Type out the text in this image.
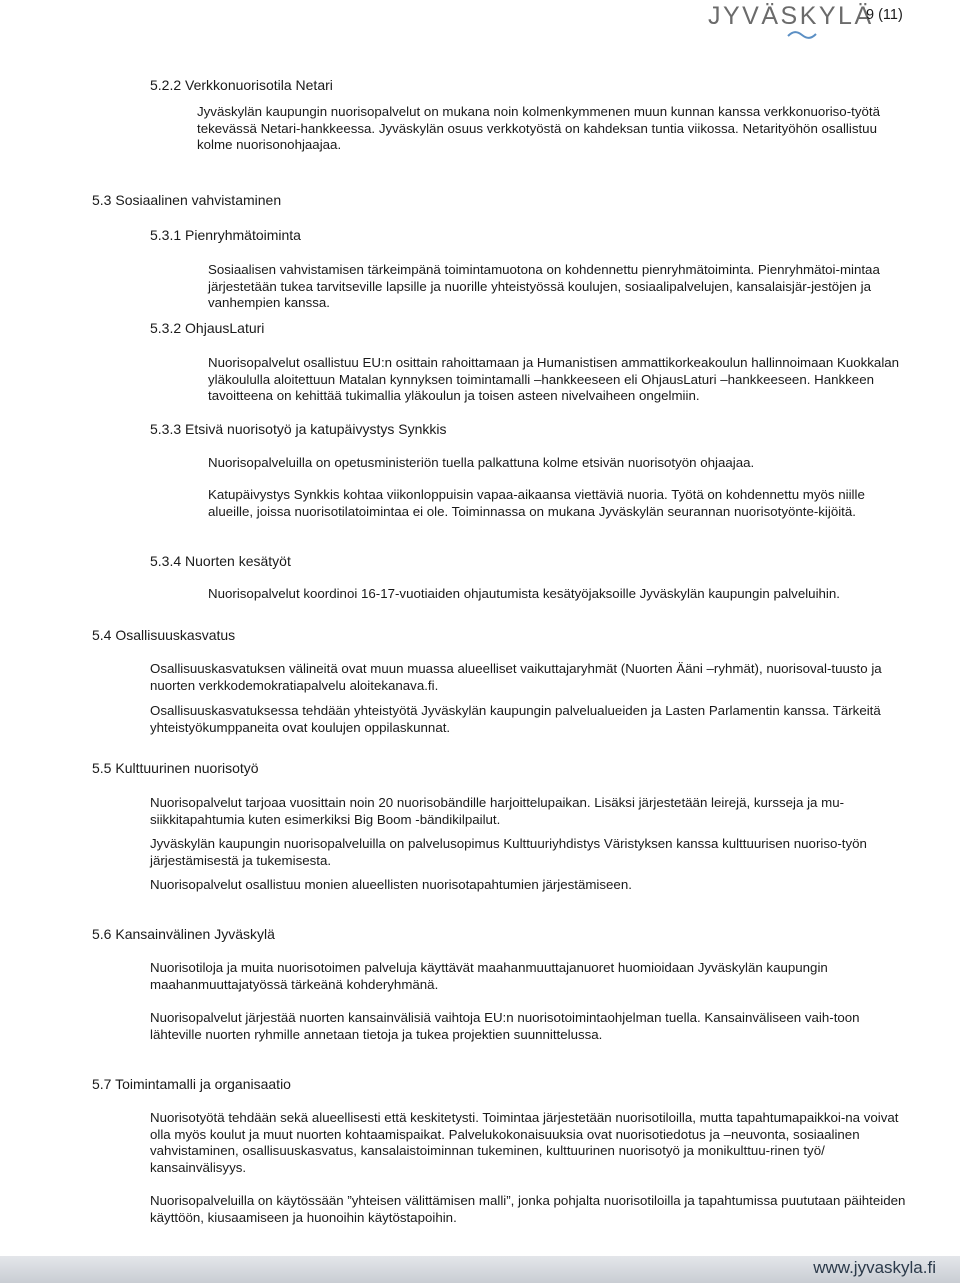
JYVÄSKYLÄ
9 (11)
5.2.2 Verkkonuorisotila Netari
Jyväskylän kaupungin nuorisopalvelut on mukana noin kolmenkymmenen muun kunnan kanssa verkkonuoriso-työtä tekevässä Netari-hankkeessa. Jyväskylän osuus verkkotyöstä on kahdeksan tuntia viikossa. Netarityöhön osallistuu kolme nuorisonohjaajaa.
5.3 Sosiaalinen vahvistaminen
5.3.1 Pienryhmätoiminta
Sosiaalisen vahvistamisen tärkeimpänä toimintamuotona on kohdennettu pienryhmätoiminta. Pienryhmätoi-mintaa järjestetään tukea tarvitseville lapsille ja nuorille yhteistyössä koulujen, sosiaalipalvelujen, kansalaisjär-jestöjen ja vanhempien kanssa.
5.3.2 OhjausLaturi
Nuorisopalvelut osallistuu EU:n osittain rahoittamaan ja Humanistisen ammattikorkeakoulun hallinnoimaan Kuokkalan yläkoululla aloitettuun Matalan kynnyksen toimintamalli –hankkeeseen eli OhjausLaturi –hankkeeseen. Hankkeen tavoitteena on kehittää tukimallia yläkoulun ja toisen asteen nivelvaiheen ongelmiin.
5.3.3 Etsivä nuorisotyö ja katupäivystys Synkkis
Nuorisopalveluilla on opetusministeriön tuella palkattuna kolme etsivän nuorisotyön ohjaajaa.
Katupäivystys Synkkis kohtaa viikonloppuisin vapaa-aikaansa viettäviä nuoria. Työtä on kohdennettu myös niille alueille, joissa nuorisotilatoimintaa ei ole. Toiminnassa on mukana Jyväskylän seurannan nuorisotyönte-kijöitä.
5.3.4 Nuorten kesätyöt
Nuorisopalvelut koordinoi 16-17-vuotiaiden ohjautumista kesätyöjaksoille Jyväskylän kaupungin palveluihin.
5.4 Osallisuuskasvatus
Osallisuuskasvatuksen välineitä ovat muun muassa alueelliset vaikuttajaryhmät (Nuorten Ääni –ryhmät), nuorisoval-tuusto ja nuorten verkkodemokratiapalvelu aloitekanava.fi.
Osallisuuskasvatuksessa tehdään yhteistyötä Jyväskylän kaupungin palvelualueiden ja Lasten Parlamentin kanssa. Tärkeitä yhteistyökumppaneita ovat koulujen oppilaskunnat.
5.5 Kulttuurinen nuorisotyö
Nuorisopalvelut tarjoaa vuosittain noin 20 nuorisobändille harjoittelupaikan. Lisäksi järjestetään leirejä, kursseja ja mu-siikkitapahtumia kuten esimerkiksi Big Boom -bändikilpailut.
Jyväskylän kaupungin nuorisopalveluilla on palvelusopimus Kulttuuriyhdistys Väristyksen kanssa kulttuurisen nuoriso-työn järjestämisestä ja tukemisesta.
Nuorisopalvelut osallistuu monien alueellisten nuorisotapahtumien järjestämiseen.
5.6 Kansainvälinen Jyväskylä
Nuorisotiloja ja muita nuorisotoimen palveluja käyttävät maahanmuuttajanuoret huomioidaan Jyväskylän kaupungin maahanmuuttajatyössä tärkeänä kohderyhmänä.
Nuorisopalvelut järjestää nuorten kansainvälisiä vaihtoja EU:n nuorisotoimintaohjelman tuella. Kansainväliseen vaih-toon lähteville nuorten ryhmille annetaan tietoja ja tukea projektien suunnittelussa.
5.7 Toimintamalli ja organisaatio
Nuorisotyötä tehdään sekä alueellisesti että keskitetysti. Toimintaa järjestetään nuorisotiloilla, mutta tapahtumapaikkoi-na voivat olla myös koulut ja muut nuorten kohtaamispaikat. Palvelukokonaisuuksia ovat nuorisotiedotus ja –neuvonta, sosiaalinen vahvistaminen, osallisuuskasvatus, kansalaistoiminnan tukeminen, kulttuurinen nuorisotyö ja monikulttuu-rinen työ/ kansainvälisyys.
Nuorisopalveluilla on käytössään ”yhteisen välittämisen malli”, jonka pohjalta nuorisotiloilla ja tapahtumissa puututaan päihteiden käyttöön, kiusaamiseen ja huonoihin käytöstapoihin.
www.jyvaskyla.fi
